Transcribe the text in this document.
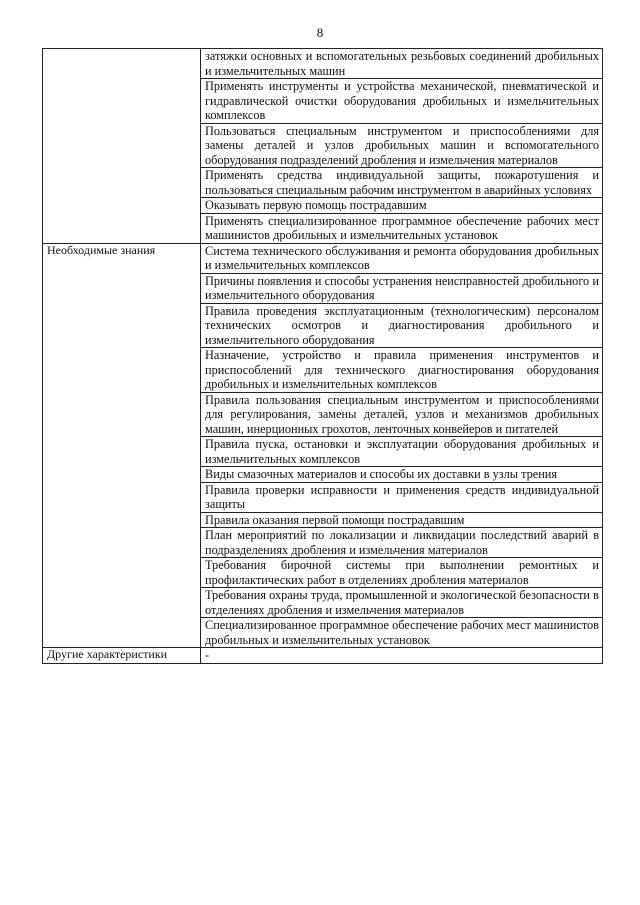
8
	затяжки основных и вспомогательных резьбовых соединений дробильных и измельчительных машин
	Применять инструменты и устройства механической, пневматической и гидравлической очистки оборудования дробильных и измельчительных комплексов
	Пользоваться специальным инструментом и приспособлениями для замены деталей и узлов дробильных машин и вспомогательного оборудования подразделений дробления и измельчения материалов
	Применять средства индивидуальной защиты, пожаротушения и пользоваться специальным рабочим инструментом в аварийных условиях
	Оказывать первую помощь пострадавшим
	Применять специализированное программное обеспечение рабочих мест машинистов дробильных и измельчительных установок
Необходимые знания	Система технического обслуживания и ремонта оборудования дробильных и измельчительных комплексов
	Причины появления и способы устранения неисправностей дробильного и измельчительного оборудования
	Правила проведения эксплуатационным (технологическим) персоналом технических осмотров и диагностирования дробильного и измельчительного оборудования
	Назначение, устройство и правила применения инструментов и приспособлений для технического диагностирования оборудования дробильных и измельчительных комплексов
	Правила пользования специальным инструментом и приспособлениями для регулирования, замены деталей, узлов и механизмов дробильных машин, инерционных грохотов, ленточных конвейеров и питателей
	Правила пуска, остановки и эксплуатации оборудования дробильных и измельчительных комплексов
	Виды смазочных материалов и способы их доставки в узлы трения
	Правила проверки исправности и применения средств индивидуальной защиты
	Правила оказания первой помощи пострадавшим
	План мероприятий по локализации и ликвидации последствий аварий в подразделениях дробления и измельчения материалов
	Требования бирочной системы при выполнении ремонтных и профилактических работ в отделениях дробления материалов
	Требования охраны труда, промышленной и экологической безопасности в отделениях дробления и измельчения материалов
	Специализированное программное обеспечение рабочих мест машинистов дробильных и измельчительных установок
Другие характеристики	-
